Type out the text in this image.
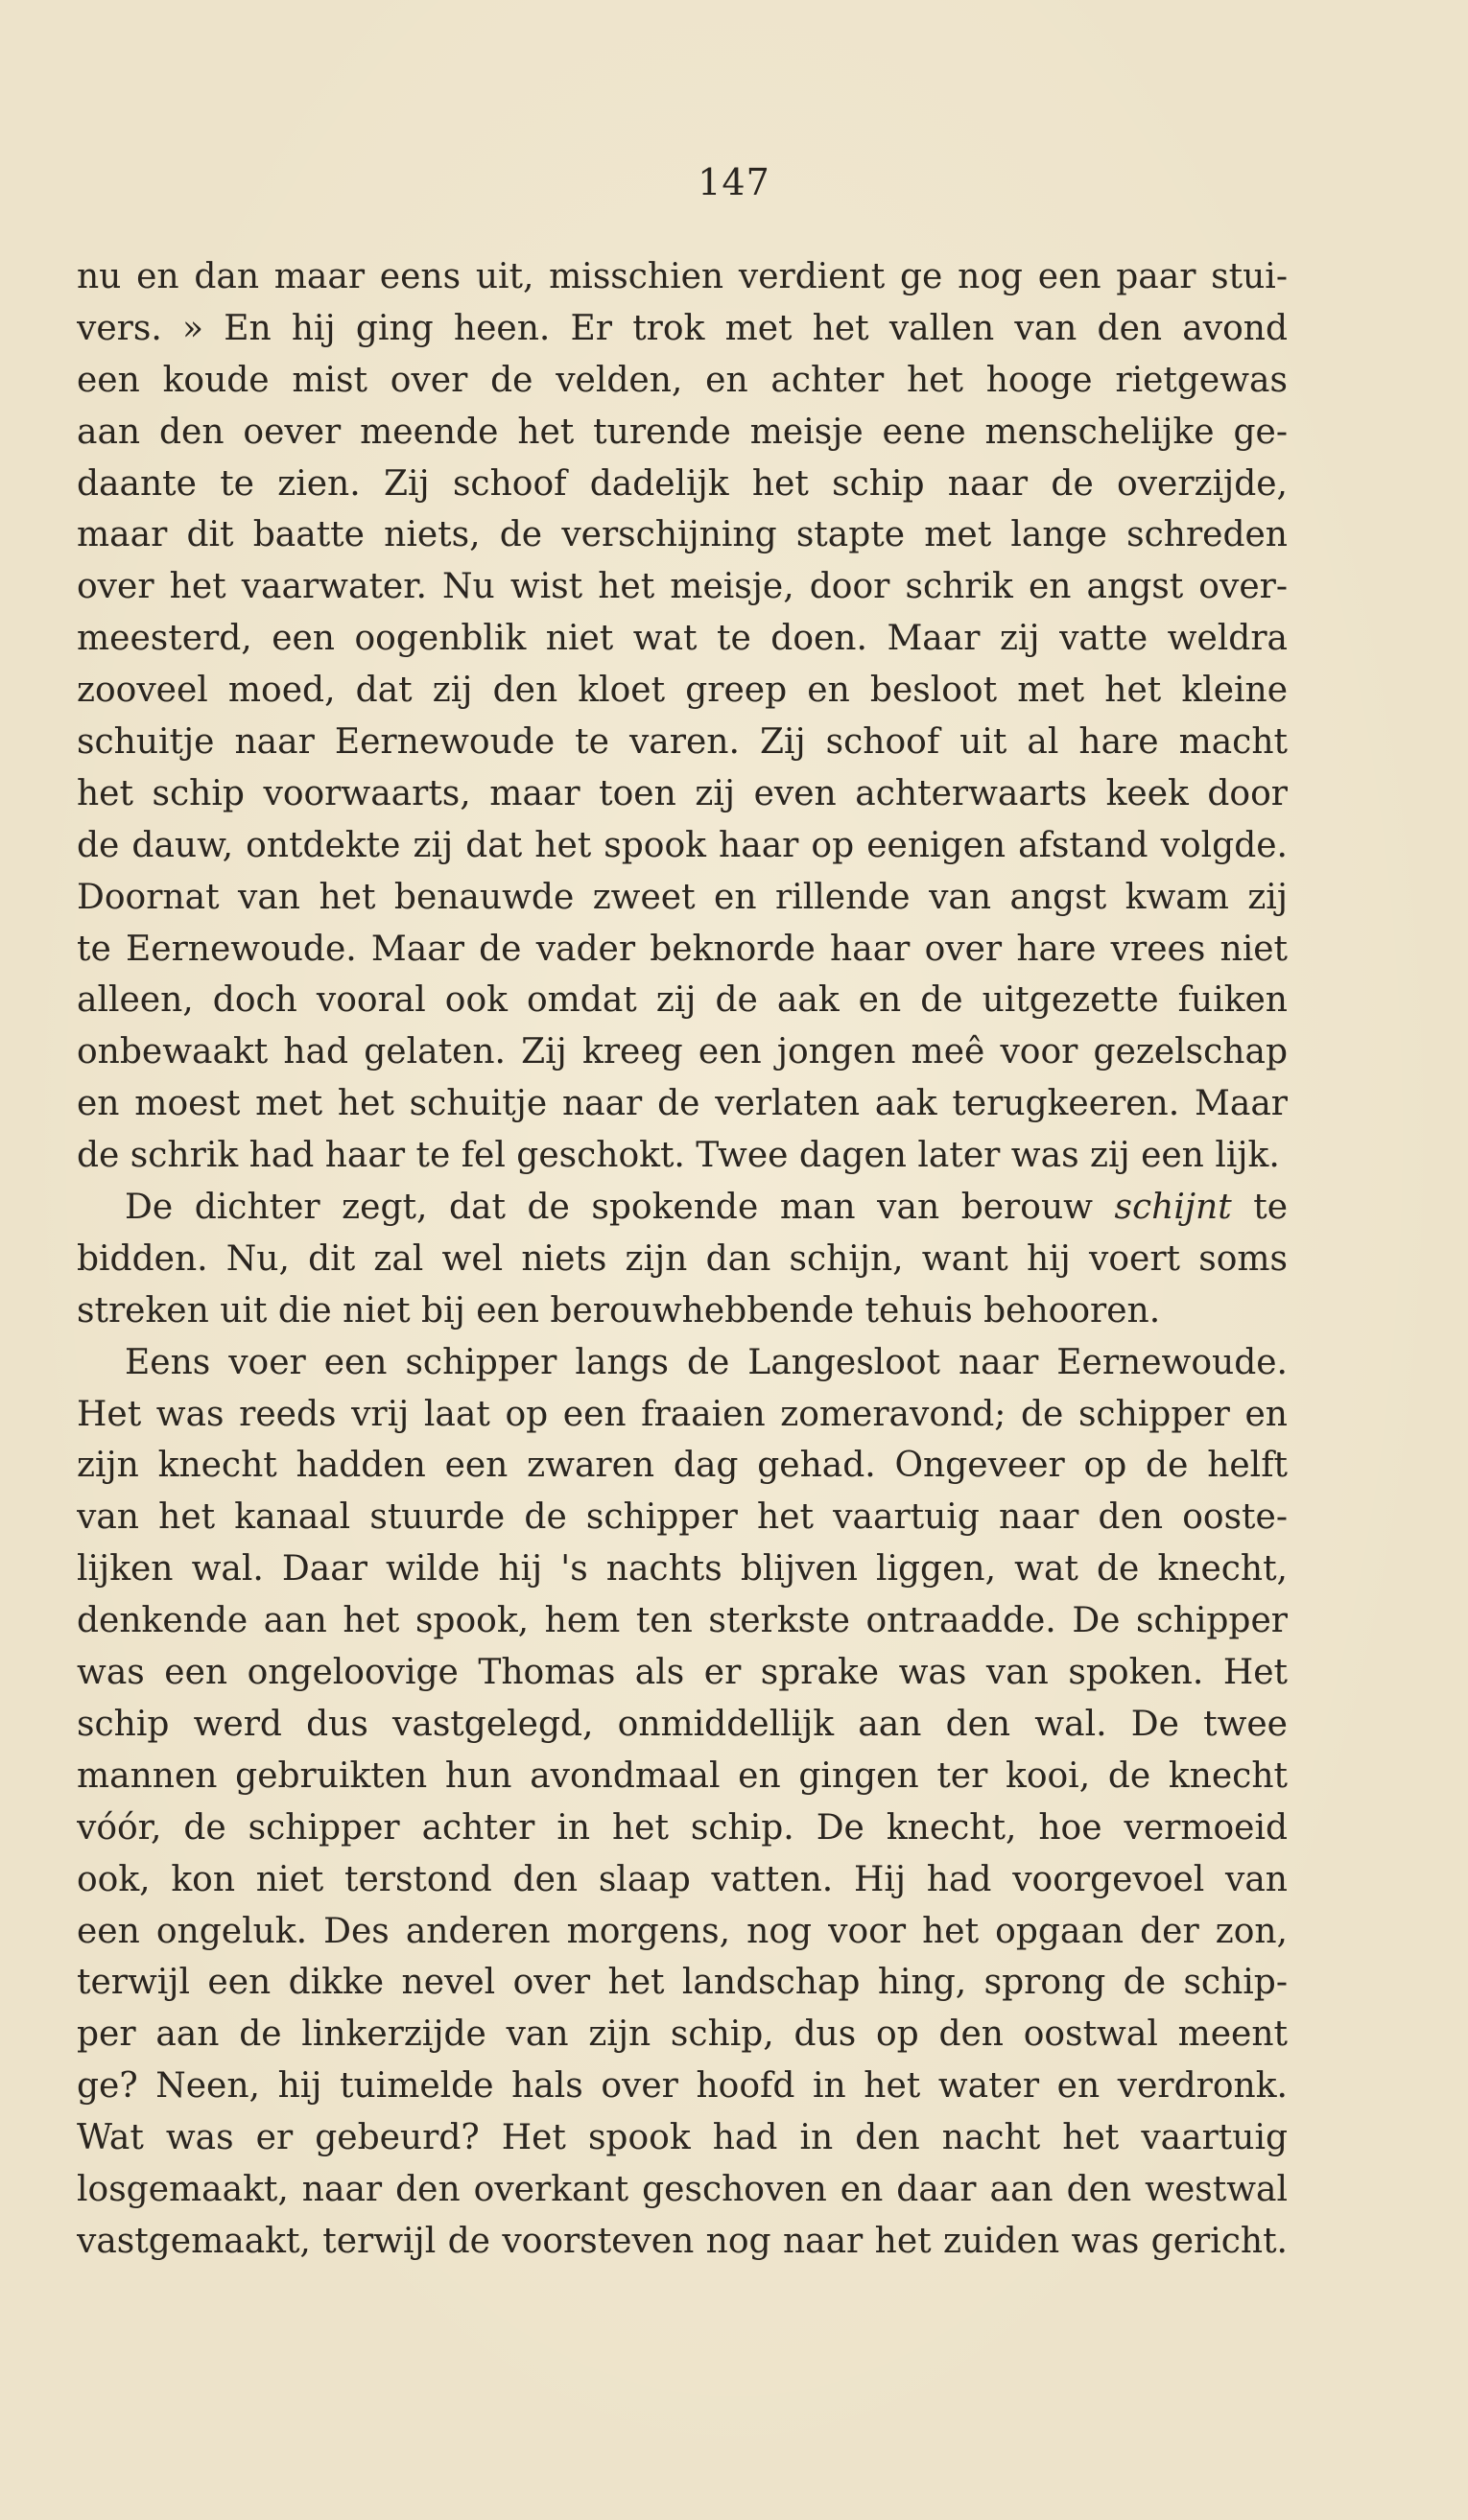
147
nu en dan maar eens uit, misschien verdient ge nog een paar stui-
vers. » En hij ging heen. Er trok met het vallen van den avond
een koude mist over de velden, en achter het hooge rietgewas
aan den oever meende het turende meisje eene menschelijke ge-
daante te zien. Zij schoof dadelijk het schip naar de overzijde,
maar dit baatte niets, de verschijning stapte met lange schreden
over het vaarwater. Nu wist het meisje, door schrik en angst over-
meesterd, een oogenblik niet wat te doen. Maar zij vatte weldra
zooveel moed, dat zij den kloet greep en besloot met het kleine
schuitje naar Eernewoude te varen. Zij schoof uit al hare macht
het schip voorwaarts, maar toen zij even achterwaarts keek door
de dauw, ontdekte zij dat het spook haar op eenigen afstand volgde.
Doornat van het benauwde zweet en rillende van angst kwam zij
te Eernewoude. Maar de vader beknorde haar over hare vrees niet
alleen, doch vooral ook omdat zij de aak en de uitgezette fuiken
onbewaakt had gelaten. Zij kreeg een jongen meê voor gezelschap
en moest met het schuitje naar de verlaten aak terugkeeren. Maar
de schrik had haar te fel geschokt. Twee dagen later was zij een lijk.
De dichter zegt, dat de spokende man van berouw schijnt te
bidden. Nu, dit zal wel niets zijn dan schijn, want hij voert soms
streken uit die niet bij een berouwhebbende tehuis behooren.
Eens voer een schipper langs de Langesloot naar Eernewoude.
Het was reeds vrij laat op een fraaien zomeravond; de schipper en
zijn knecht hadden een zwaren dag gehad. Ongeveer op de helft
van het kanaal stuurde de schipper het vaartuig naar den ooste-
lijken wal. Daar wilde hij 's nachts blijven liggen, wat de knecht,
denkende aan het spook, hem ten sterkste ontraadde. De schipper
was een ongeloovige Thomas als er sprake was van spoken. Het
schip werd dus vastgelegd, onmiddellijk aan den wal. De twee
mannen gebruikten hun avondmaal en gingen ter kooi, de knecht
vóór, de schipper achter in het schip. De knecht, hoe vermoeid
ook, kon niet terstond den slaap vatten. Hij had voorgevoel van
een ongeluk. Des anderen morgens, nog voor het opgaan der zon,
terwijl een dikke nevel over het landschap hing, sprong de schip-
per aan de linkerzijde van zijn schip, dus op den oostwal meent
ge? Neen, hij tuimelde hals over hoofd in het water en verdronk.
Wat was er gebeurd? Het spook had in den nacht het vaartuig
losgemaakt, naar den overkant geschoven en daar aan den westwal
vastgemaakt, terwijl de voorsteven nog naar het zuiden was gericht.
